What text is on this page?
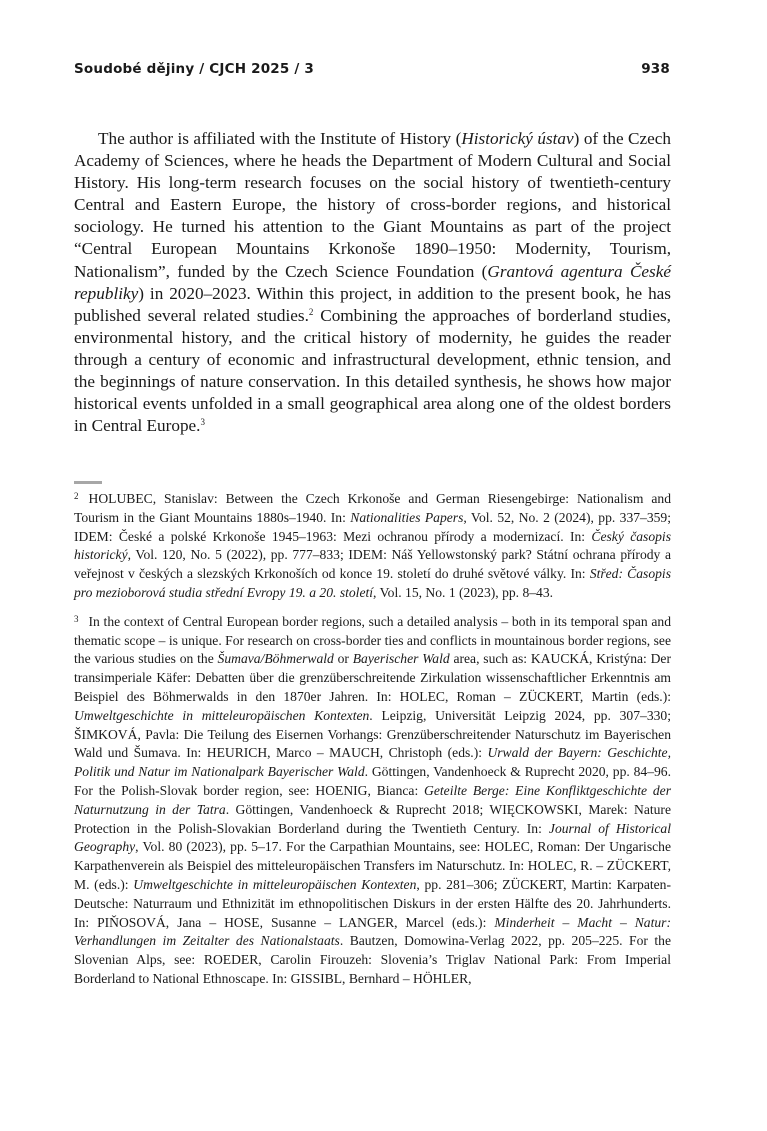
Soudobé dějiny / CJCH 2025 / 3	938

The author is affiliated with the Institute of History (Historický ústav) of the Czech Academy of Sciences, where he heads the Department of Modern Cultural and Social History. His long-term research focuses on the social history of twentieth-century Central and Eastern Europe, the history of cross-border regions, and historical sociology. He turned his attention to the Giant Mountains as part of the project “Central European Mountains Krkonoše 1890–1950: Modernity, Tourism, Nationalism”, funded by the Czech Science Foundation (Grantová agentura České republiky) in 2020–2023. Within this project, in addition to the present book, he has published several related studies.$^2$ Combining the approaches of borderland studies, environmental history, and the critical history of modernity, he guides the reader through a century of economic and infrastructural development, ethnic tension, and the beginnings of nature conservation. In this detailed synthesis, he shows how major historical events unfolded in a small geographical area along one of the oldest borders in Central Europe.$^3$

$^2$ HOLUBEC, Stanislav: Between the Czech Krkonoše and German Riesengebirge: Nationalism and Tourism in the Giant Mountains 1880s–1940. In: Nationalities Papers, Vol. 52, No. 2 (2024), pp. 337–359; IDEM: České a polské Krkonoše 1945–1963: Mezi ochranou přírody a modernizací. In: Český časopis historický, Vol. 120, No. 5 (2022), pp. 777–833; IDEM: Náš Yellowstonský park? Státní ochrana přírody a veřejnost v českých a slezských Krkonoších od konce 19. století do druhé světové války. In: Střed: Časopis pro mezioborová studia střední Evropy 19. a 20. století, Vol. 15, No. 1 (2023), pp. 8–43.

$^3$ In the context of Central European border regions, such a detailed analysis – both in its temporal span and thematic scope – is unique. For research on cross-border ties and conflicts in mountainous border regions, see the various studies on the Šumava/Böhmerwald or Bayerischer Wald area, such as: KAUCKÁ, Kristýna: Der transimperiale Käfer: Debatten über die grenzüberschreitende Zirkulation wissenschaftlicher Erkenntnis am Beispiel des Böhmerwalds in den 1870er Jahren. In: HOLEC, Roman – ZÜCKERT, Martin (eds.): Umweltgeschichte in mitteleuropäischen Kontexten. Leipzig, Universität Leipzig 2024, pp. 307–330; ŠIMKOVÁ, Pavla: Die Teilung des Eisernen Vorhangs: Grenzüberschreitender Naturschutz im Bayerischen Wald und Šumava. In: HEURICH, Marco – MAUCH, Christoph (eds.): Urwald der Bayern: Geschichte, Politik und Natur im Nationalpark Bayerischer Wald. Göttingen, Vandenhoeck & Ruprecht 2020, pp. 84–96. For the Polish-Slovak border region, see: HOENIG, Bianca: Geteilte Berge: Eine Konfliktgeschichte der Naturnutzung in der Tatra. Göttingen, Vandenhoeck & Ruprecht 2018; WIĘCKOWSKI, Marek: Nature Protection in the Polish-Slovakian Borderland during the Twentieth Century. In: Journal of Historical Geography, Vol. 80 (2023), pp. 5–17. For the Carpathian Mountains, see: HOLEC, Roman: Der Ungarische Karpathenverein als Beispiel des mitteleuropäischen Transfers im Naturschutz. In: HOLEC, R. – ZÜCKERT, M. (eds.): Umweltgeschichte in mitteleuropäischen Kontexten, pp. 281–306; ZÜCKERT, Martin: Karpaten-Deutsche: Naturraum und Ethnizität im ethnopolitischen Diskurs in der ersten Hälfte des 20. Jahrhunderts. In: PIŇOSOVÁ, Jana – HOSE, Susanne – LANGER, Marcel (eds.): Minderheit – Macht – Natur: Verhandlungen im Zeitalter des Nationalstaats. Bautzen, Domowina-Verlag 2022, pp. 205–225. For the Slovenian Alps, see: ROEDER, Carolin Firouzeh: Slovenia’s Triglav National Park: From Imperial Borderland to National Ethnoscape. In: GISSIBL, Bernhard – HÖHLER,
